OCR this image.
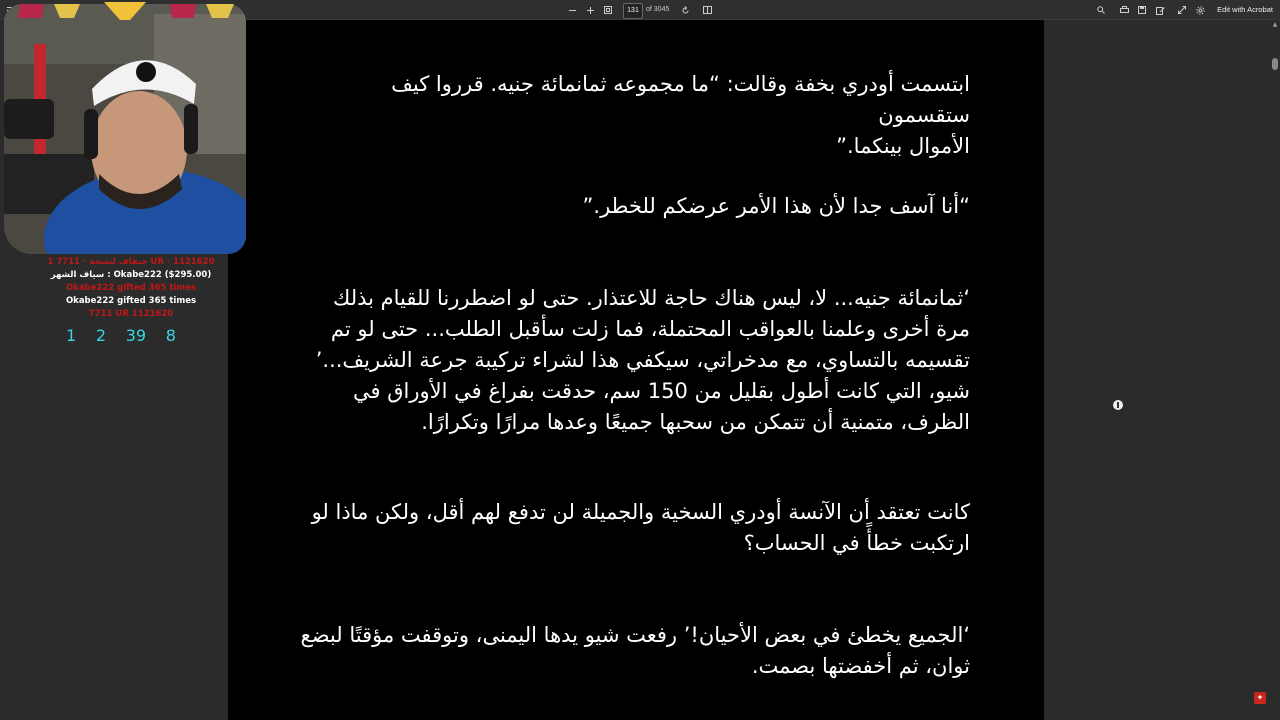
131	of 3045	Edit with Acrobat
ابتسمت أودري بخفة وقالت: “ما مجموعه ثمانمائة جنيه. قرروا كيف ستقسمون
الأموال بينكما.”
“أنا آسف جدا لأن هذا الأمر عرضكم للخطر.”
‘ثمانمائة جنيه... لا، ليس هناك حاجة للاعتذار. حتى لو اضطررنا للقيام بذلك
مرة أخرى وعلمنا بالعواقب المحتملة، فما زلت سأقبل الطلب... حتى لو تم
تقسيمه بالتساوي، مع مدخراتي، سيكفي هذا لشراء تركيبة جرعة الشريف...’
شيو، التي كانت أطول بقليل من 150 سم، حدقت بفراغ في الأوراق في
الظرف، متمنية أن تتمكن من سحبها جميعًا وعدها مرارًا وتكرارًا.
كانت تعتقد أن الآنسة أودري السخية والجميلة لن تدفع لهم أقل، ولكن ماذا لو
ارتكبت خطأً في الحساب؟
‘الجميع يخطئ في بعض الأحيان!’ رفعت شيو يدها اليمنى، وتوقفت مؤقتًا لبضع
ثوان، ثم أخفضتها بصمت.
▲
✦
1 جيفاف لنسخة · 7711 UR · 1121620
سياف الشهر : Okabe222 ($295.00)
Okabe222 gifted 365 times
Okabe222 gifted 365 times
7711 UR 1121620
1 2 39 8
